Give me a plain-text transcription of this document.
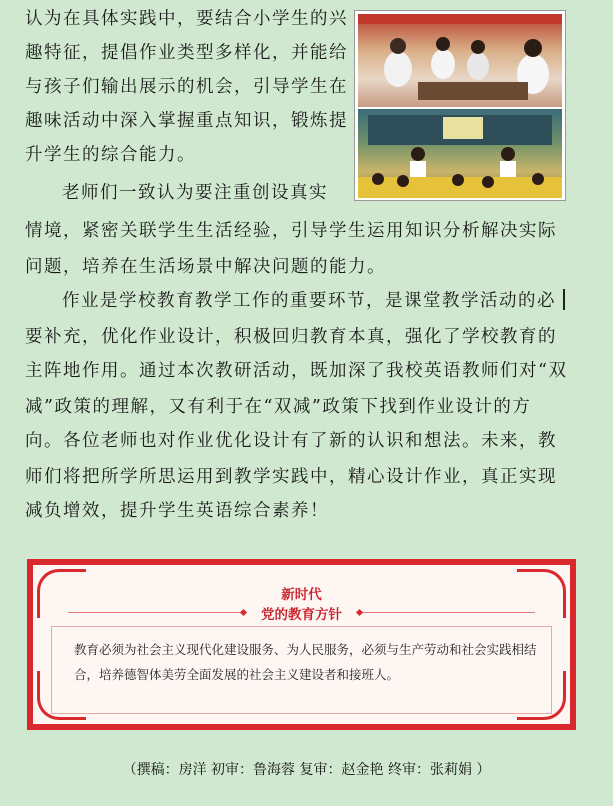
认为在具体实践中，要结合小学生的兴
趣特征，提倡作业类型多样化，并能给
与孩子们输出展示的机会，引导学生在
趣味活动中深入掌握重点知识，锻炼提
升学生的综合能力。
老师们一致认为要注重创设真实
情境，紧密关联学生生活经验，引导学生运用知识分析解决实际
问题，培养在生活场景中解决问题的能力。
作业是学校教育教学工作的重要环节，是课堂教学活动的必
要补充，优化作业设计，积极回归教育本真，强化了学校教育的
主阵地作用。通过本次教研活动，既加深了我校英语教师们对“双
减”政策的理解，又有利于在“双减”政策下找到作业设计的方
向。各位老师也对作业优化设计有了新的认识和想法。未来，教
师们将把所学所思运用到教学实践中，精心设计作业，真正实现
减负增效，提升学生英语综合素养！
新时代
党的教育方针
教育必须为社会主义现代化建设服务、为人民服务，必须与生产劳动和社会实践相结合，培养德智体美劳全面发展的社会主义建设者和接班人。
（撰稿：房洋 初审：鲁海蓉 复审：赵金艳 终审：张莉娟 ）
